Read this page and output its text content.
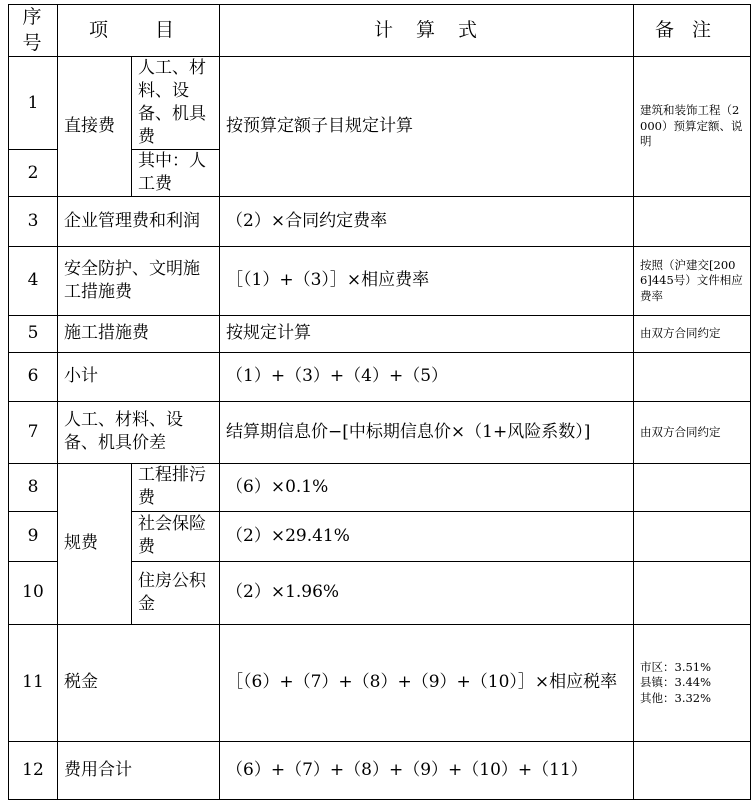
序号	项　目		计　算　式	备注
1	直接费	人工、材料、设备、机具费	按预算定额子目规定计算	建筑和装饰工程（2000）预算定额、说明
2		其中：人工费		
3	企业管理费和利润		（2）×合同约定费率	
4	安全防护、文明施工措施费		［（1）+（3）］×相应费率	按照（沪建交[2006]445号）文件相应费率
5	施工措施费		按规定计算	由双方合同约定
6	小计		（1）+（3）+（4）+（5）	
7	人工、材料、设备、机具价差		结算期信息价−[中标期信息价×（1+风险系数）]	由双方合同约定
8	规费	工程排污费	（6）×0.1%	
9		社会保险费	（2）×29.41%	
10		住房公积金	（2）×1.96%	
11	税金		［（6）+（7）+（8）+（9）+（10）］×相应税率	市区：3.51%
县镇：3.44%
其他：3.32%

12	费用合计		（6）+（7）+（8）+（9）+（10）+（11）	
